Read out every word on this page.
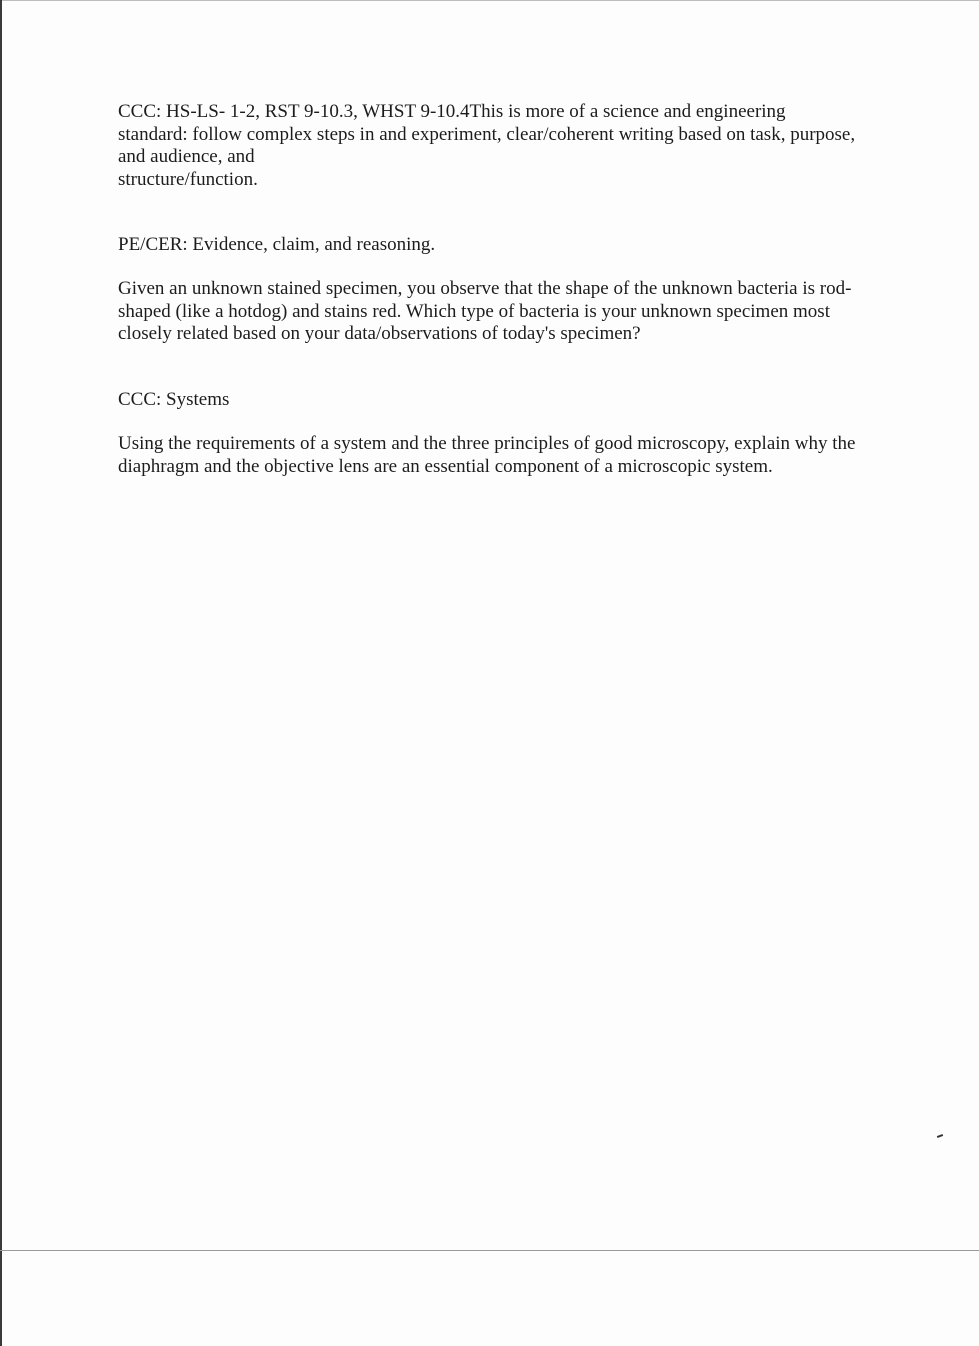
CCC: HS-LS- 1-2, RST 9-10.3, WHST 9-10.4This is more of a science and engineering
standard: follow complex steps in and experiment, clear/coherent writing based on task, purpose,
and audience, and
structure/function.

PE/CER: Evidence, claim, and reasoning.

Given an unknown stained specimen, you observe that the shape of the unknown bacteria is rod-
shaped (like a hotdog) and stains red. Which type of bacteria is your unknown specimen most
closely related based on your data/observations of today's specimen?

CCC: Systems

Using the requirements of a system and the three principles of good microscopy, explain why the
diaphragm and the objective lens are an essential component of a microscopic system.
